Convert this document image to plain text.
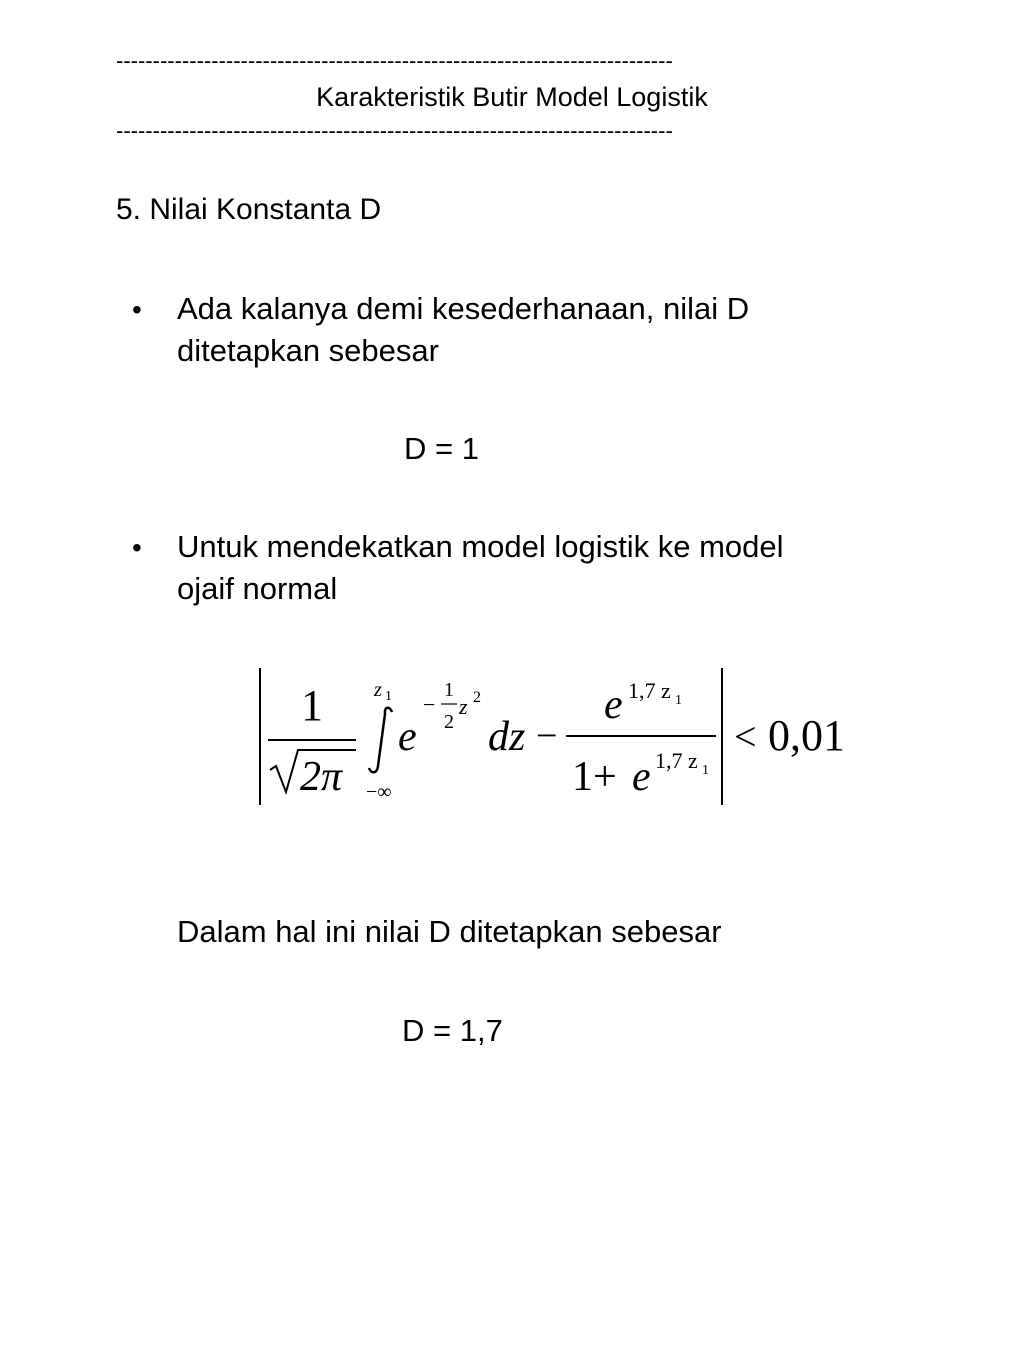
----------------------------------------------------------------------------
Karakteristik Butir Model Logistik
----------------------------------------------------------------------------
5. Nilai Konstanta D
• Ada kalanya demi kesederhanaan, nilai D
ditetapkan sebesar
D = 1
• Untuk mendekatkan model logistik ke model
ojaif normal
1
2π
z 1
−∞
e
−
1
2
z 2
dz −
e 1,7 z 1
1+ e 1,7 z 1
< 0,01
Dalam hal ini nilai D ditetapkan sebesar
D = 1,7
